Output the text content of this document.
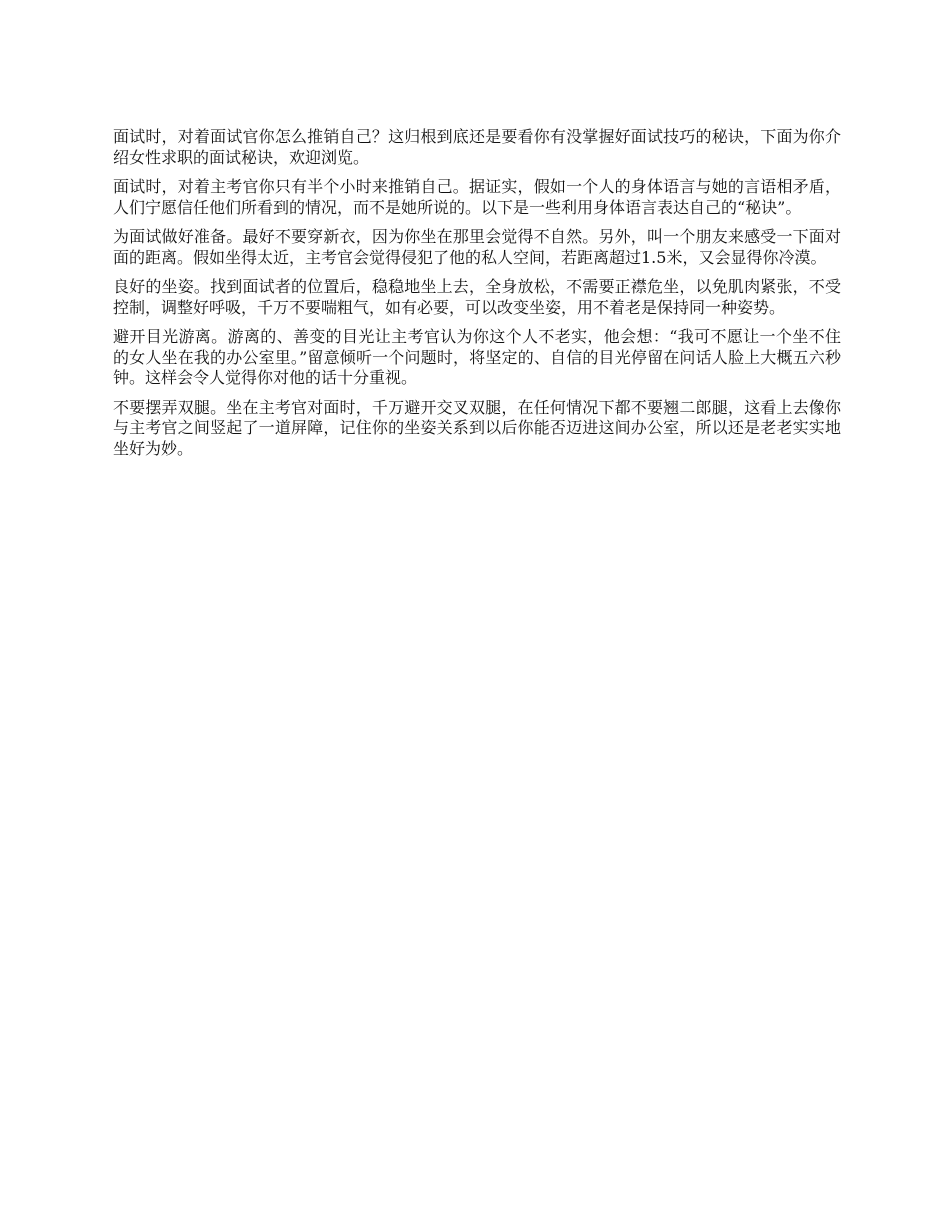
面试时，对着面试官你怎么推销自己？这归根到底还是要看你有没掌握好面试技巧的秘诀，下面为你介绍女性求职的面试秘诀，欢迎浏览。

面试时，对着主考官你只有半个小时来推销自己。据证实，假如一个人的身体语言与她的言语相矛盾，人们宁愿信任他们所看到的情况，而不是她所说的。以下是一些利用身体语言表达自己的“秘诀”。

为面试做好准备。最好不要穿新衣，因为你坐在那里会觉得不自然。另外，叫一个朋友来感受一下面对面的距离。假如坐得太近，主考官会觉得侵犯了他的私人空间，若距离超过1.5米，又会显得你冷漠。

良好的坐姿。找到面试者的位置后，稳稳地坐上去，全身放松，不需要正襟危坐，以免肌肉紧张，不受控制，调整好呼吸，千万不要喘粗气，如有必要，可以改变坐姿，用不着老是保持同一种姿势。

避开目光游离。游离的、善变的目光让主考官认为你这个人不老实，他会想：“我可不愿让一个坐不住的女人坐在我的办公室里。”留意倾听一个问题时，将坚定的、自信的目光停留在问话人脸上大概五六秒钟。这样会令人觉得你对他的话十分重视。

不要摆弄双腿。坐在主考官对面时，千万避开交叉双腿，在任何情况下都不要翘二郎腿，这看上去像你与主考官之间竖起了一道屏障，记住你的坐姿关系到以后你能否迈进这间办公室，所以还是老老实实地坐好为妙。
